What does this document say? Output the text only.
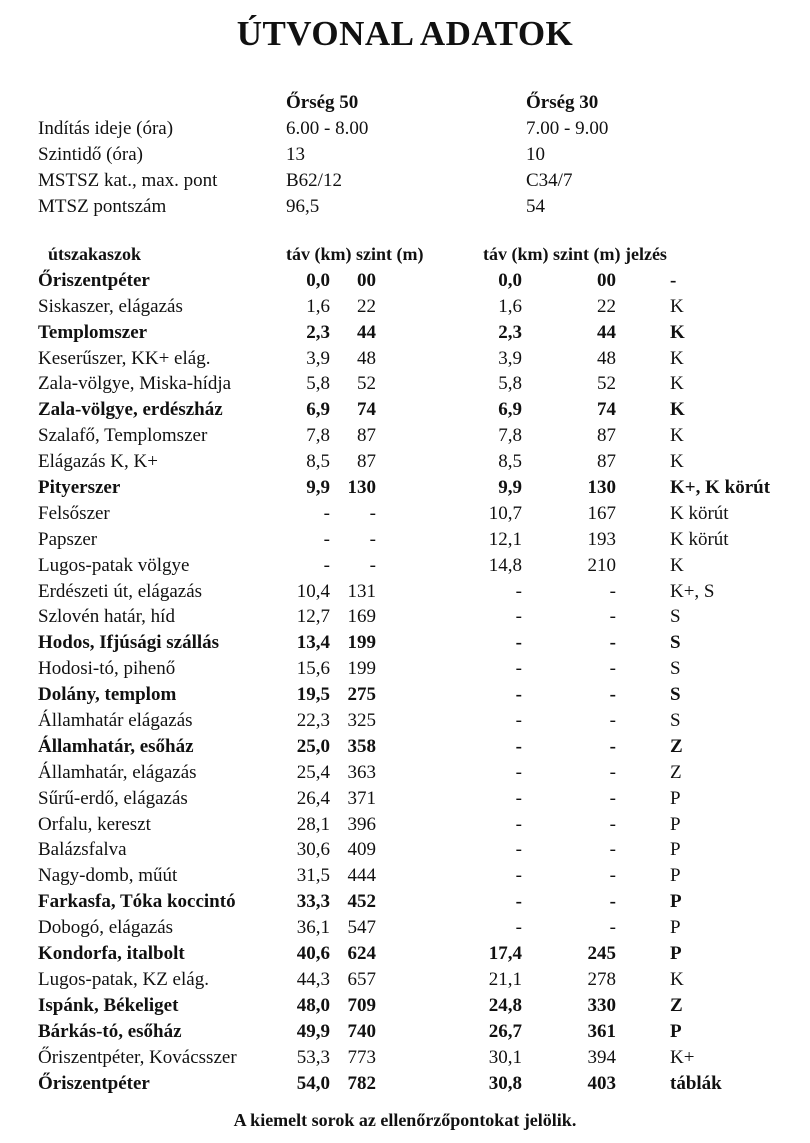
ÚTVONAL ADATOK
Őrség 50	Őrség 30
Indítás ideje (óra)	6.00 - 8.00	7.00 - 9.00
Szintidő (óra)	13	10
MSTSZ kat., max. pont	B62/12	C34/7
MTSZ pontszám	96,5	54
útszakaszok	táv (km) szint (m)	táv (km) szint (m) jelzés
Őriszentpéter	0,0	00	0,0	00	-
Siskaszer, elágazás	1,6	22	1,6	22	K
Templomszer	2,3	44	2,3	44	K
Keserűszer, KK+ elág.	3,9	48	3,9	48	K
Zala-völgye, Miska-hídja	5,8	52	5,8	52	K
Zala-völgye, erdészház	6,9	74	6,9	74	K
Szalafő, Templomszer	7,8	87	7,8	87	K
Elágazás K, K+	8,5	87	8,5	87	K
Pityerszer	9,9 130	9,9	130	K+, K körút
Felsőszer	-	-	10,7	167	K körút
Papszer	-	-	12,1	193	K körút
Lugos-patak völgye	-	-	14,8	210	K
Erdészeti út, elágazás	10,4 131	-	-	K+, S
Szlovén határ, híd	12,7 169	-	-	S
Hodos, Ifjúsági szállás	13,4 199	-	-	S
Hodosi-tó, pihenő	15,6 199	-	-	S
Dolány, templom	19,5 275	-	-	S
Államhatár elágazás	22,3 325	-	-	S
Államhatár, esőház	25,0 358	-	-	Z
Államhatár, elágazás	25,4 363	-	-	Z
Sűrű-erdő, elágazás	26,4 371	-	-	P
Orfalu, kereszt	28,1 396	-	-	P
Balázsfalva	30,6 409	-	-	P
Nagy-domb, műút	31,5 444	-	-	P
Farkasfa, Tóka koccintó	33,3 452	-	-	P
Dobogó, elágazás	36,1 547	-	-	P
Kondorfa, italbolt	40,6 624	17,4	245	P
Lugos-patak, KZ elág.	44,3 657	21,1	278	K
Ispánk, Békeliget	48,0 709	24,8	330	Z
Bárkás-tó, esőház	49,9 740	26,7	361	P
Őriszentpéter, Kovácsszer	53,3 773	30,1	394	K+
Őriszentpéter	54,0 782	30,8	403	táblák
A kiemelt sorok az ellenőrzőpontokat jelölik.
